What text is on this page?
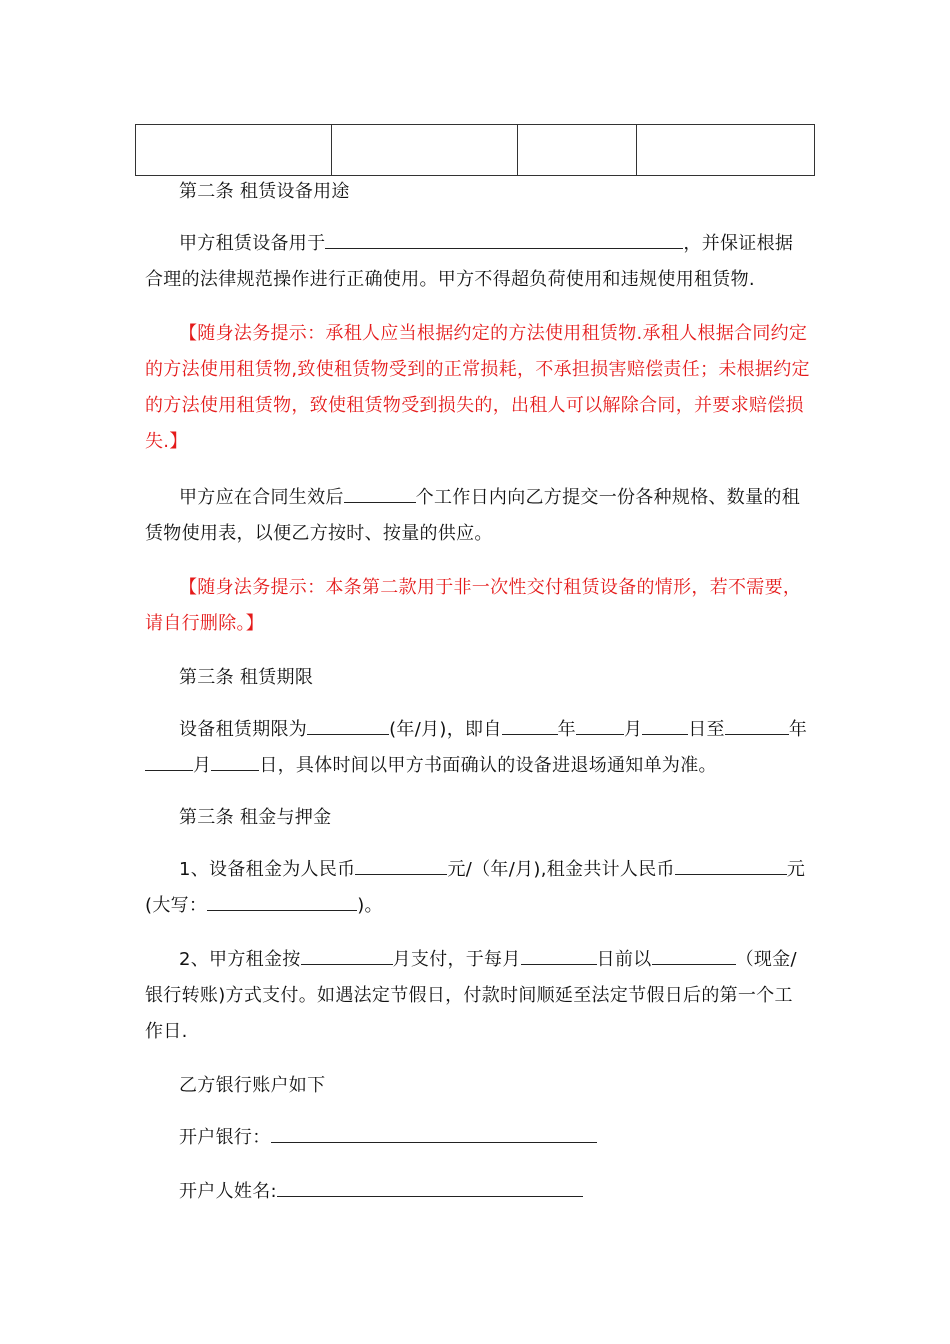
第二条 租赁设备用途

甲方租赁设备用于	，并保证根据合理的法律规范操作进行正确使用。甲方不得超负荷使用和违规使用租赁物.

【随身法务提示：承租人应当根据约定的方法使用租赁物.承租人根据合同约定的方法使用租赁物,致使租赁物受到的正常损耗，不承担损害赔偿责任；未根据约定的方法使用租赁物，致使租赁物受到损失的，出租人可以解除合同，并要求赔偿损失.】

甲方应在合同生效后	个工作日内向乙方提交一份各种规格、数量的租赁物使用表，以便乙方按时、按量的供应。

【随身法务提示：本条第二款用于非一次性交付租赁设备的情形，若不需要，请自行删除。】

第三条 租赁期限

设备租赁期限为	(年/月)，即自	年	月	日至	年月	日，具体时间以甲方书面确认的设备进退场通知单为准。

第三条 租金与押金

1、设备租金为人民币	元/（年/月),租金共计人民币	元(大写：	)。

2、甲方租金按	月支付，于每月	日前以	（现金/银行转账)方式支付。如遇法定节假日，付款时间顺延至法定节假日后的第一个工作日.

乙方银行账户如下

开户银行：

开户人姓名:
